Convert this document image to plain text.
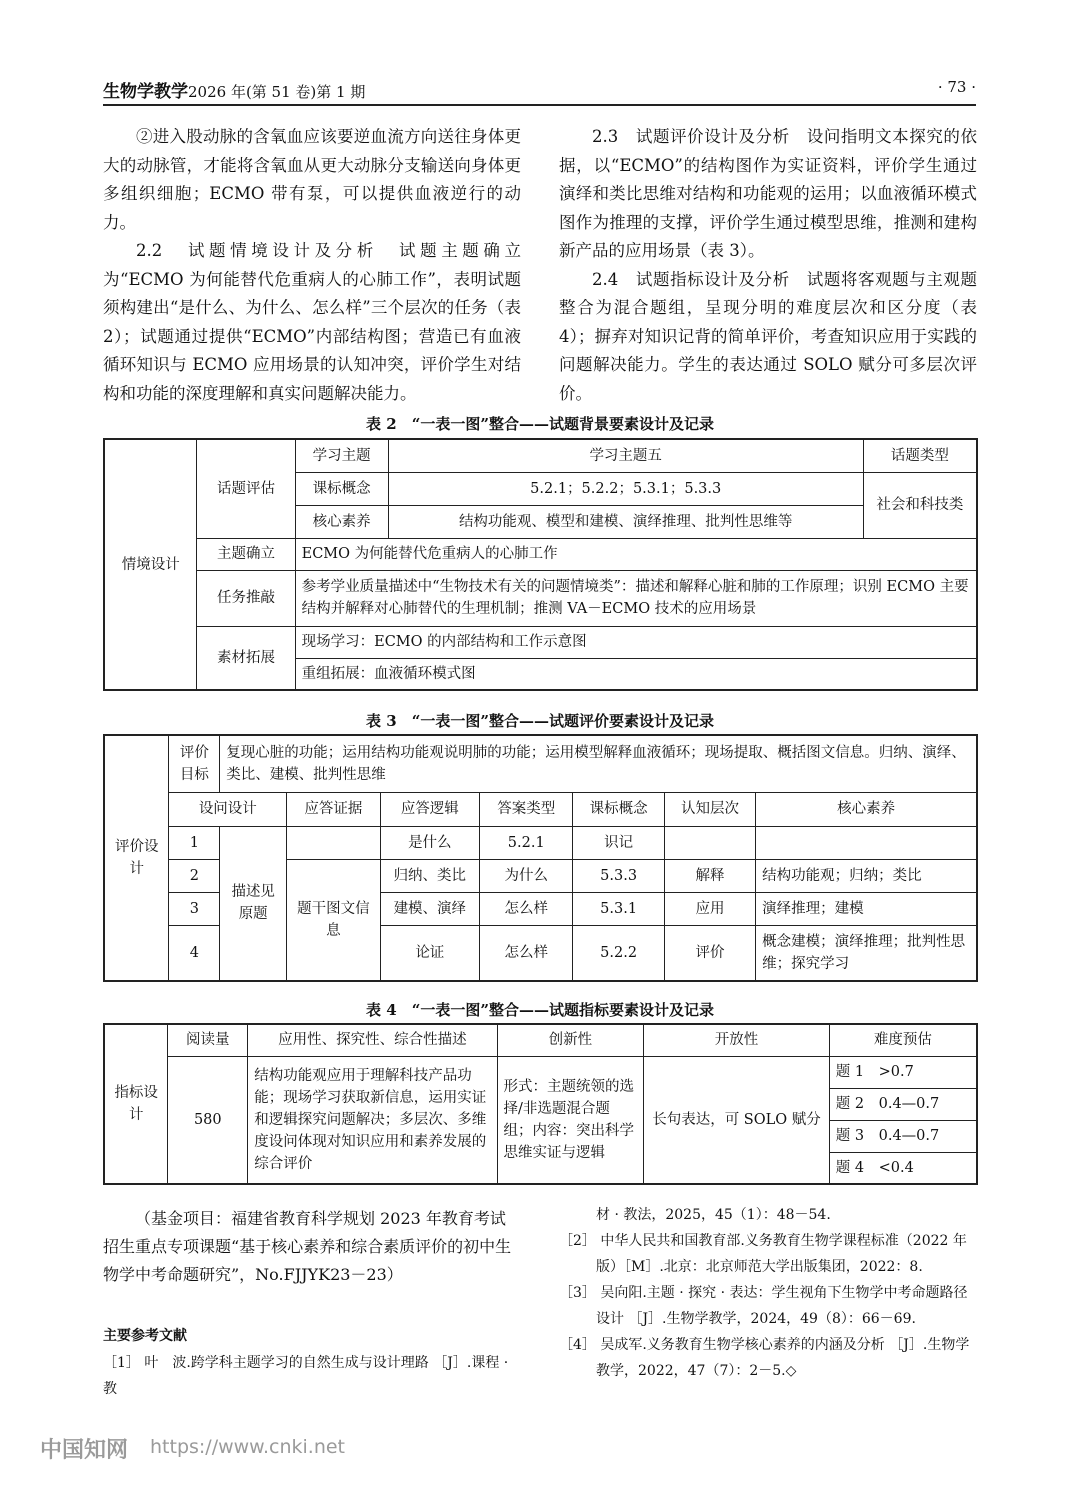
生物学教学2026 年(第 51 卷)第 1 期	· 73 ·

②进入股动脉的含氧血应该要逆血流方向送往身体更大的动脉管，才能将含氧血从更大动脉分支输送向身体更多组织细胞；ECMO 带有泵，可以提供血液逆行的动力。

2.2　试题情境设计及分析　 试题主题确立为“ECMO 为何能替代危重病人的心肺工作”，表明试题须构建出“是什么、为什么、怎么样”三个层次的任务（表 2）；试题通过提供“ECMO”内部结构图；营造已有血液循环知识与 ECMO 应用场景的认知冲突，评价学生对结构和功能的深度理解和真实问题解决能力。

2.3　试题评价设计及分析　 设问指明文本探究的依据，以“ECMO”的结构图作为实证资料，评价学生通过演绎和类比思维对结构和功能观的运用；以血液循环模式图作为推理的支撑，评价学生通过模型思维，推测和建构新产品的应用场景（表 3）。

2.4　试题指标设计及分析　 试题将客观题与主观题整合为混合题组，呈现分明的难度层次和区分度（表 4）；摒弃对知识记背的简单评价，考查知识应用于实践的问题解决能力。学生的表达通过 SOLO 赋分可多层次评价。

表 2　“一表一图”整合——试题背景要素设计及记录
情境设计	话题评估	学习主题	学习主题五	话题类型
		课标概念	5.2.1；5.2.2；5.3.1；5.3.3	社会和科技类
		核心素养	结构功能观、模型和建模、演绎推理、批判性思维等	
	主题确立	ECMO 为何能替代危重病人的心肺工作		
	任务推敲	参考学业质量描述中“生物技术有关的问题情境类”：描述和解释心脏和肺的工作原理；识别 ECMO 主要结构并解释对心肺替代的生理机制；推测 VA－ECMO 技术的应用场景		
	素材拓展	现场学习：ECMO 的内部结构和工作示意图		
		重组拓展：血液循环模式图		
表 3　“一表一图”整合——试题评价要素设计及记录
评价设计	评价目标	复现心脏的功能；运用结构功能观说明肺的功能；运用模型解释血液循环；现场提取、概括图文信息。归纳、演绎、类比、建模、批判性思维						
	设问设计		应答证据	应答逻辑	答案类型	课标概念	认知层次	核心素养
	1	描述见原题		是什么	5.2.1	识记		
	2		题干图文信息	归纳、类比	为什么	5.3.3	解释	结构功能观；归纳；类比
	3			建模、演绎	怎么样	5.3.1	应用	演绎推理；建模
	4			论证	怎么样	5.2.2	评价	概念建模；演绎推理；批判性思维；探究学习
表 4　“一表一图”整合——试题指标要素设计及记录
指标设计	阅读量	应用性、探究性、综合性描述	创新性	开放性	难度预估
	580	结构功能观应用于理解科技产品功能；现场学习获取新信息，运用实证和逻辑探究问题解决；多层次、多维度设问体现对知识应用和素养发展的综合评价	形式：主题统领的选择/非选题混合题组；内容：突出科学思维实证与逻辑	长句表达，可 SOLO 赋分	题 1　 >0.7
					题 2　 0.4—0.7
					题 3　 0.4—0.7
					题 4　 <0.4
（基金项目：福建省教育科学规划 2023 年教育考试招生重点专项课题“基于核心素养和综合素质评价的初中生物学中考命题研究”，No.FJJYK23－23）
主要参考文献
［1］ 叶　波.跨学科主题学习的自然生成与设计理路 ［J］.课程 · 教
材 · 教法，2025，45（1）：48－54.
［2］ 中华人民共和国教育部.义务教育生物学课程标准（2022 年版）［M］.北京：北京师范大学出版集团，2022：8.
［3］ 吴向阳.主题 · 探究 · 表达：学生视角下生物学中考命题路径设计 ［J］.生物学教学，2024，49（8）：66－69.
［4］ 吴成军.义务教育生物学核心素养的内涵及分析 ［J］.生物学教学，2022，47（7）：2－5.◇
中国知网 https://www.cnki.net
